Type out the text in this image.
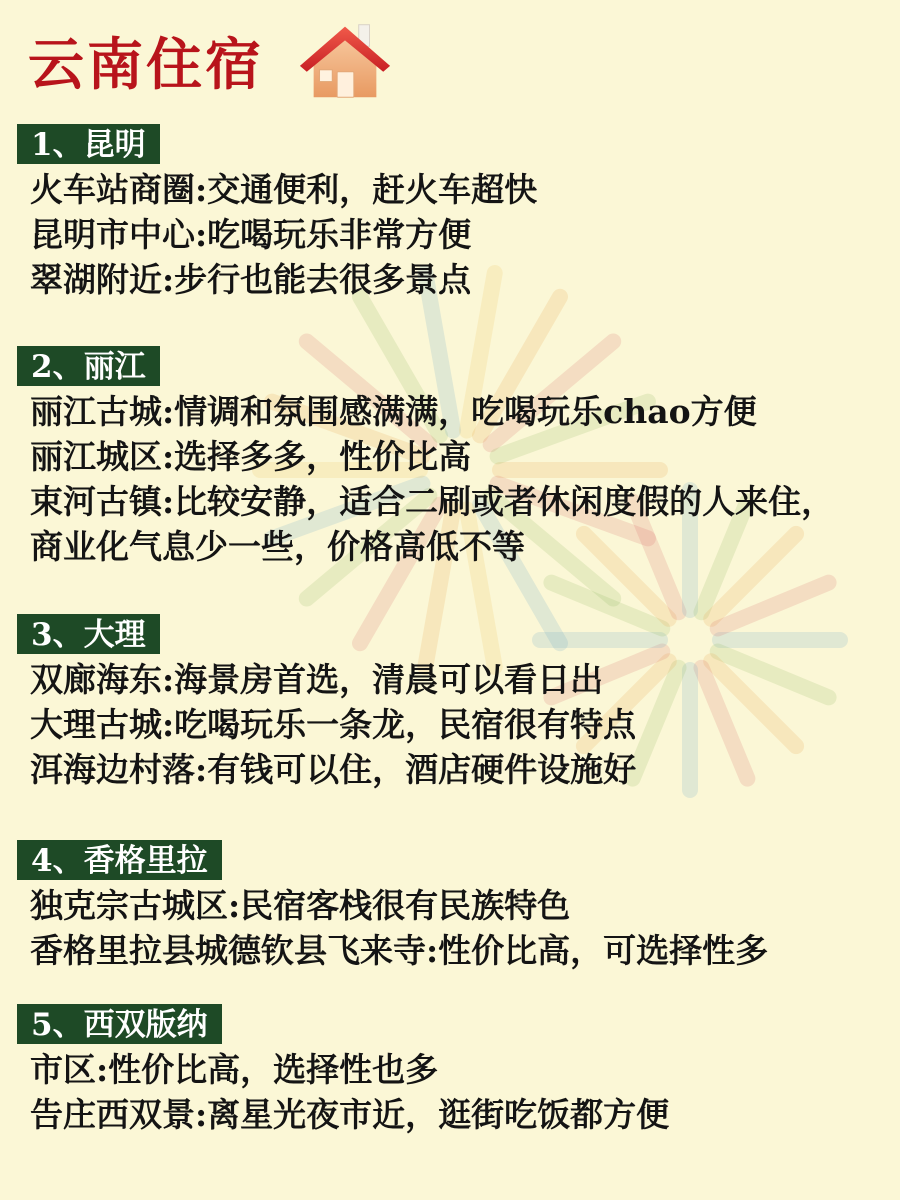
云南住宿
1、昆明
火车站商圈:交通便利，赶火车超快
昆明市中心:吃喝玩乐非常方便
翠湖附近:步行也能去很多景点
2、丽江
丽江古城:情调和氛围感满满，吃喝玩乐chao方便
丽江城区:选择多多，性价比高
束河古镇:比较安静，适合二刷或者休闲度假的人来住，
商业化气息少一些，价格高低不等
3、大理
双廊海东:海景房首选，清晨可以看日出
大理古城:吃喝玩乐一条龙，民宿很有特点
洱海边村落:有钱可以住，酒店硬件设施好
4、香格里拉
独克宗古城区:民宿客栈很有民族特色
香格里拉县城德钦县飞来寺:性价比高，可选择性多
5、西双版纳
市区:性价比高，选择性也多
告庄西双景:离星光夜市近，逛街吃饭都方便
